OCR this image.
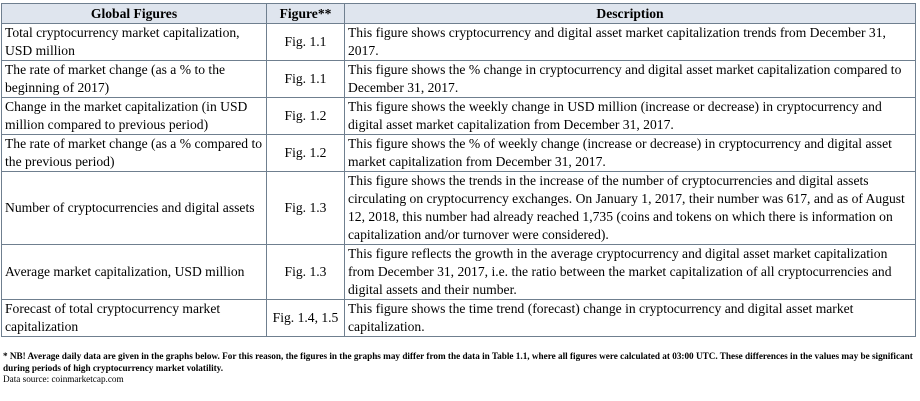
Global Figures	Figure**	Description
Total cryptocurrency market capitalization, USD million	Fig. 1.1	This figure shows cryptocurrency and digital asset market capitalization trends from December 31, 2017.
The rate of market change (as a % to the beginning of 2017)	Fig. 1.1	This figure shows the % change in cryptocurrency and digital asset market capitalization compared to December 31, 2017.
Change in the market capitalization (in USD million compared to previous period)	Fig. 1.2	This figure shows the weekly change in USD million (increase or decrease) in cryptocurrency and digital asset market capitalization from December 31, 2017.
The rate of market change (as a % compared to the previous period)	Fig. 1.2	This figure shows the % of weekly change (increase or decrease) in cryptocurrency and digital asset market capitalization from December 31, 2017.
Number of cryptocurrencies and digital assets	Fig. 1.3	This figure shows the trends in the increase of the number of cryptocurrencies and digital assets circulating on cryptocurrency exchanges. On January 1, 2017, their number was 617, and as of August 12, 2018, this number had already reached 1,735 (coins and tokens on which there is information on capitalization and/or turnover were considered).
Average market capitalization, USD million	Fig. 1.3	This figure reflects the growth in the average cryptocurrency and digital asset market capitalization from December 31, 2017, i.e. the ratio between the market capitalization of all cryptocurrencies and digital assets and their number.
Forecast of total cryptocurrency market capitalization	Fig. 1.4, 1.5	This figure shows the time trend (forecast) change in cryptocurrency and digital asset market capitalization.

* NB! Average daily data are given in the graphs below. For this reason, the figures in the graphs may differ from the data in Table 1.1, where all figures were calculated at 03:00 UTC. These differences in the values may be significant during periods of high cryptocurrency market volatility.

Data source: coinmarketcap.com
